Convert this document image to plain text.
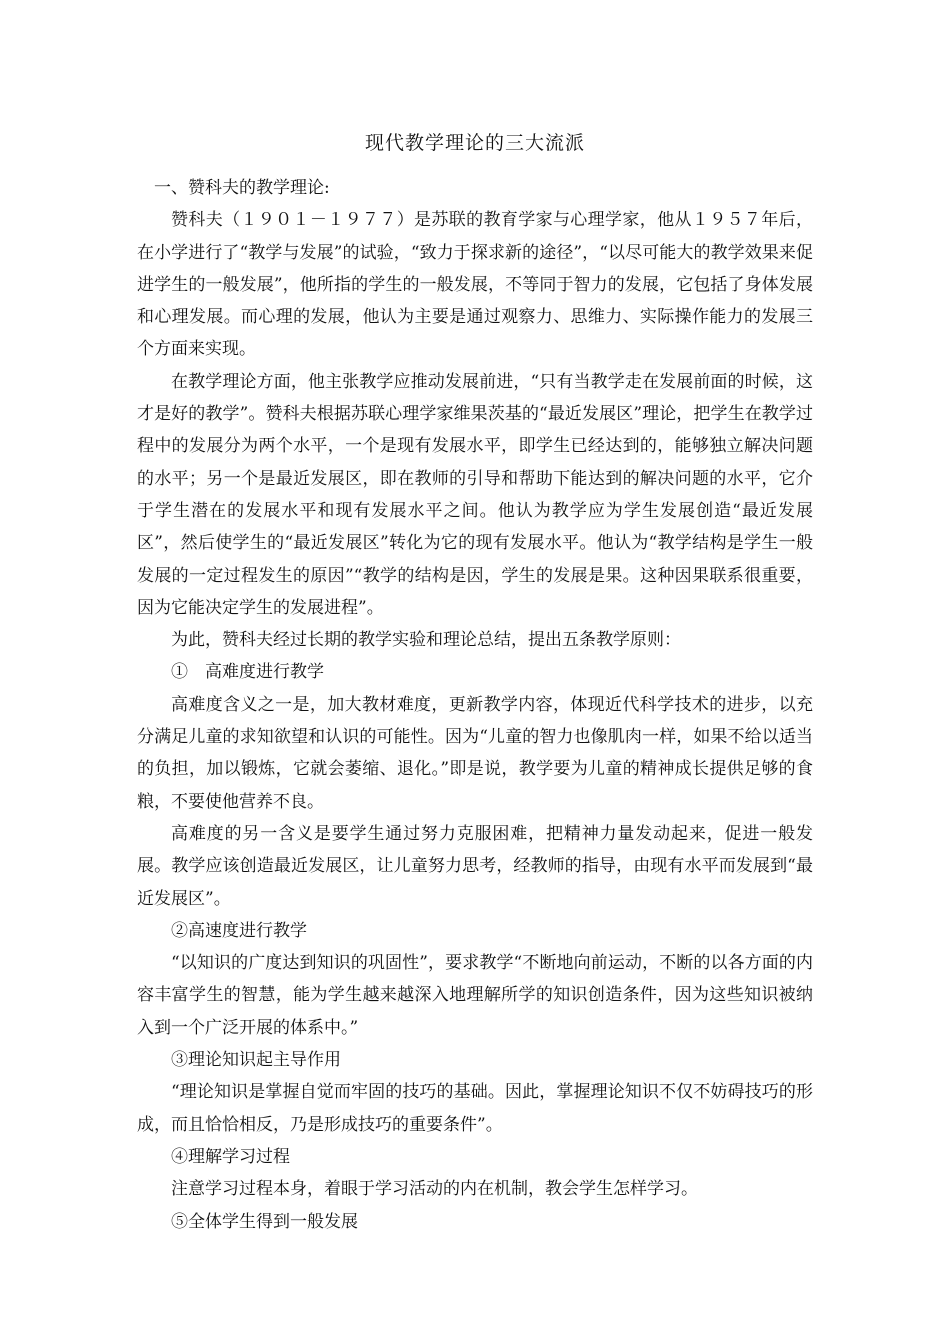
现代教学理论的三大流派

一、赞科夫的教学理论:

赞科夫（１９０１－１９７７）是苏联的教育学家与心理学家，他从１９５７年后，在小学进行了“教学与发展”的试验，“致力于探求新的途径”，“以尽可能大的教学效果来促进学生的一般发展”，他所指的学生的一般发展，不等同于智力的发展，它包括了身体发展和心理发展。而心理的发展，他认为主要是通过观察力、思维力、实际操作能力的发展三个方面来实现。

在教学理论方面，他主张教学应推动发展前进，“只有当教学走在发展前面的时候，这才是好的教学”。赞科夫根据苏联心理学家维果茨基的“最近发展区”理论，把学生在教学过程中的发展分为两个水平，一个是现有发展水平，即学生已经达到的，能够独立解决问题的水平；另一个是最近发展区，即在教师的引导和帮助下能达到的解决问题的水平，它介于学生潜在的发展水平和现有发展水平之间。他认为教学应为学生发展创造“最近发展区”，然后使学生的“最近发展区”转化为它的现有发展水平。他认为“教学结构是学生一般发展的一定过程发生的原因”“教学的结构是因，学生的发展是果。这种因果联系很重要，因为它能决定学生的发展进程”。

为此，赞科夫经过长期的教学实验和理论总结，提出五条教学原则：

①　高难度进行教学

高难度含义之一是，加大教材难度，更新教学内容，体现近代科学技术的进步，以充分满足儿童的求知欲望和认识的可能性。因为“儿童的智力也像肌肉一样，如果不给以适当的负担，加以锻炼，它就会萎缩、退化。”即是说，教学要为儿童的精神成长提供足够的食粮，不要使他营养不良。

高难度的另一含义是要学生通过努力克服困难，把精神力量发动起来，促进一般发展。教学应该创造最近发展区，让儿童努力思考，经教师的指导，由现有水平而发展到“最近发展区”。

②高速度进行教学

“以知识的广度达到知识的巩固性”，要求教学“不断地向前运动，不断的以各方面的内容丰富学生的智慧，能为学生越来越深入地理解所学的知识创造条件，因为这些知识被纳入到一个广泛开展的体系中。”

③理论知识起主导作用

“理论知识是掌握自觉而牢固的技巧的基础。因此，掌握理论知识不仅不妨碍技巧的形成，而且恰恰相反，乃是形成技巧的重要条件”。

④理解学习过程

注意学习过程本身，着眼于学习活动的内在机制，教会学生怎样学习。

⑤全体学生得到一般发展
